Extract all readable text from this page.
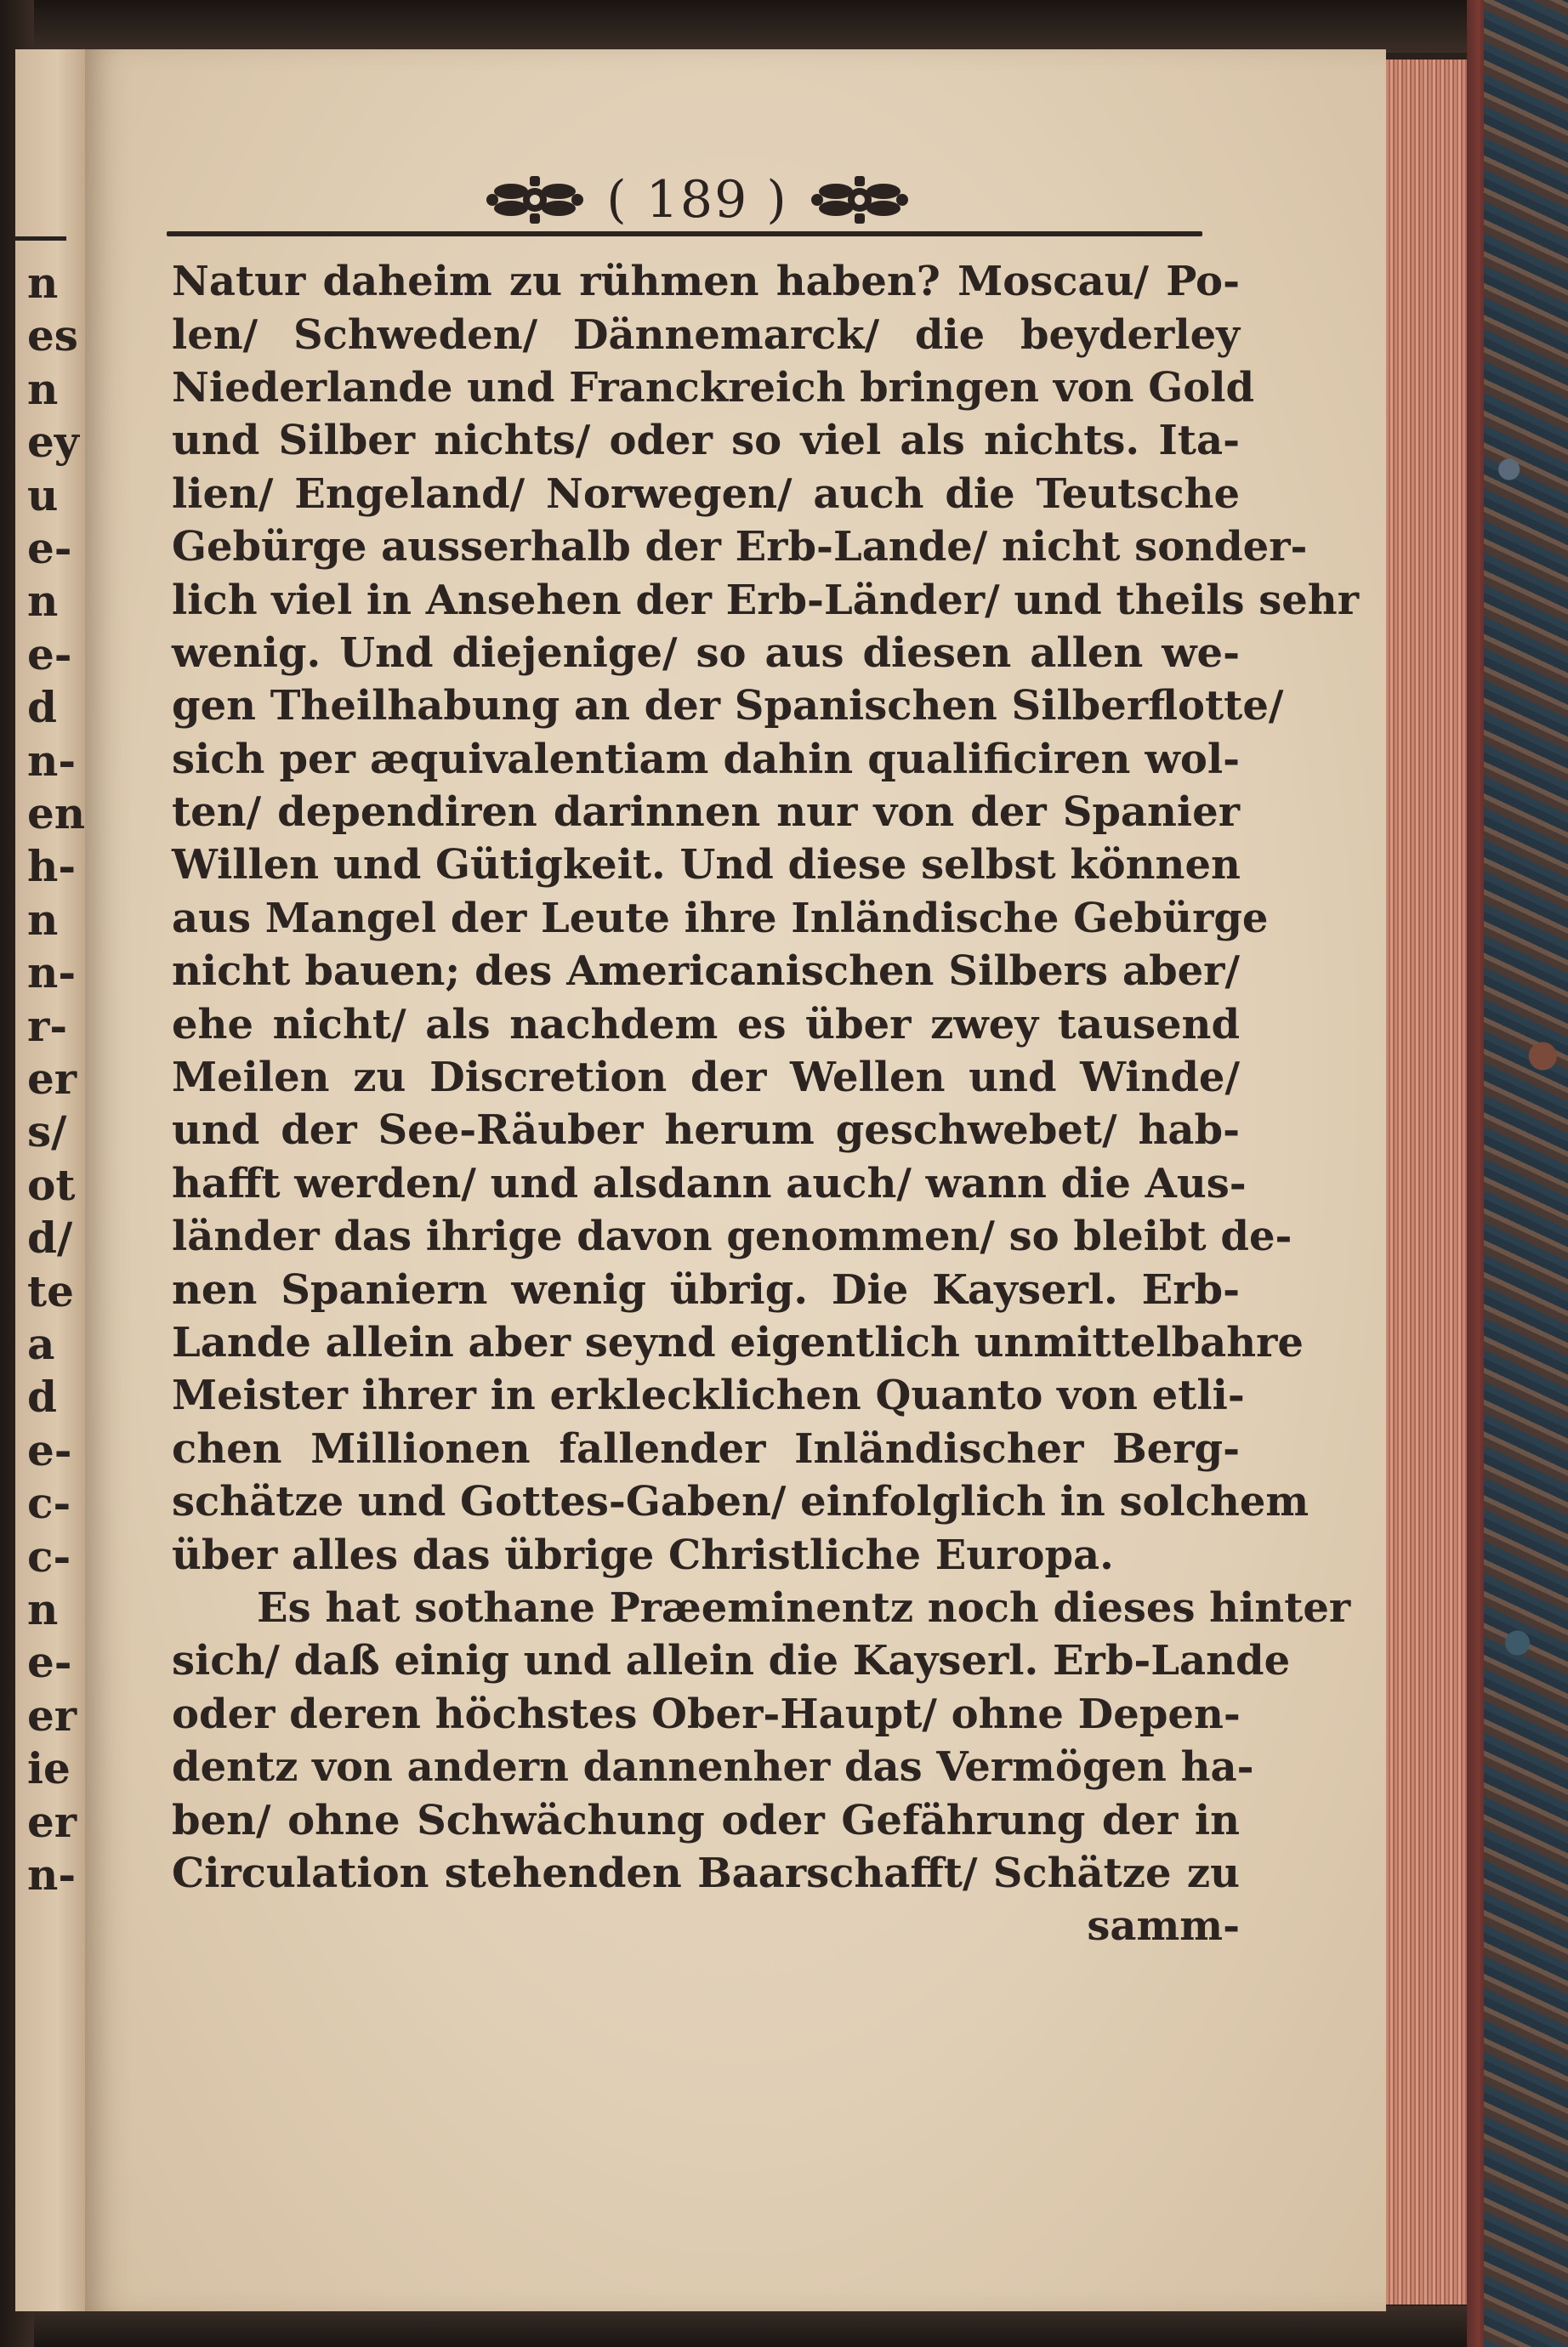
n
es
n
ey
u
e-
n
e-
d
n-
en
h-
n
n-
r-
er
s/
ot
d/
te
a
d
e-
c-
c-
n
e-
er
ie
er
n-
( 189 )
Natur daheim zu rühmen haben? Moscau/ Po-
len/ Schweden/ Dännemarck/ die beyderley
Niederlande und Franckreich bringen von Gold
und Silber nichts/ oder so viel als nichts. Ita-
lien/ Engeland/ Norwegen/ auch die Teutsche
Gebürge ausserhalb der Erb-Lande/ nicht sonder-
lich viel in Ansehen der Erb-Länder/ und theils sehr
wenig. Und diejenige/ so aus diesen allen we-
gen Theilhabung an der Spanischen Silberflotte/
sich per æquivalentiam dahin qualificiren wol-
ten/ dependiren darinnen nur von der Spanier
Willen und Gütigkeit. Und diese selbst können
aus Mangel der Leute ihre Inländische Gebürge
nicht bauen; des Americanischen Silbers aber/
ehe nicht/ als nachdem es über zwey tausend
Meilen zu Discretion der Wellen und Winde/
und der See-Räuber herum geschwebet/ hab-
hafft werden/ und alsdann auch/ wann die Aus-
länder das ihrige davon genommen/ so bleibt de-
nen Spaniern wenig übrig. Die Kayserl. Erb-
Lande allein aber seynd eigentlich unmittelbahre
Meister ihrer in erklecklichen Quanto von etli-
chen Millionen fallender Inländischer Berg-
schätze und Gottes-Gaben/ einfolglich in solchem
über alles das übrige Christliche Europa.
Es hat sothane Præeminentz noch dieses hinter
sich/ daß einig und allein die Kayserl. Erb-Lande
oder deren höchstes Ober-Haupt/ ohne Depen-
dentz von andern dannenher das Vermögen ha-
ben/ ohne Schwächung oder Gefährung der in
Circulation stehenden Baarschafft/ Schätze zu
samm-
